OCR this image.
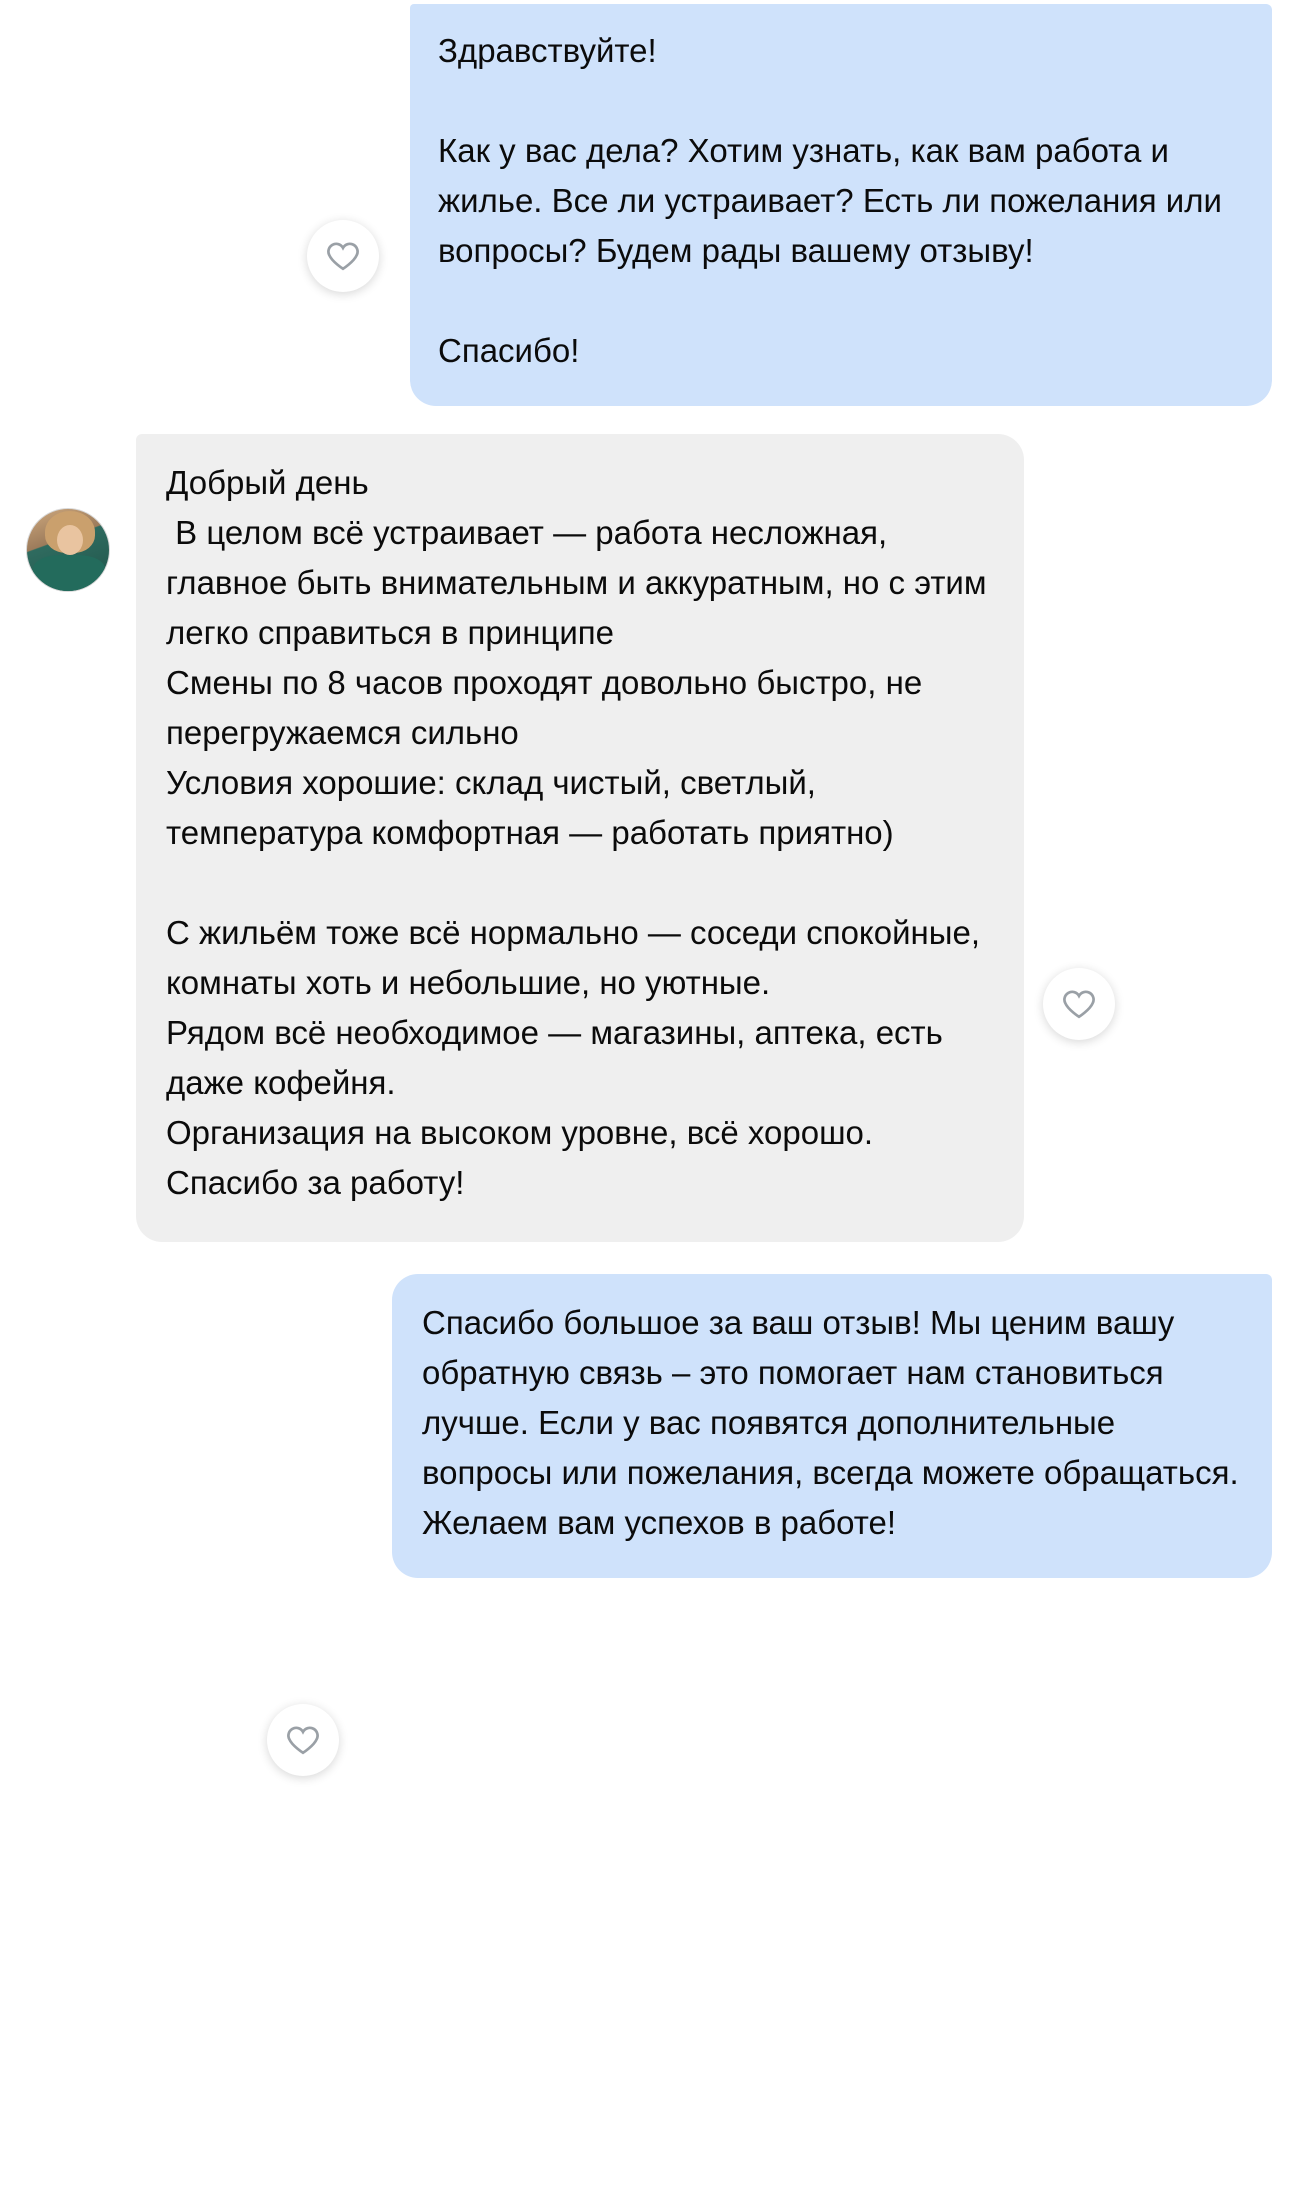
Здравствуйте!

Как у вас дела? Хотим узнать, как вам работа и жилье. Все ли устраивает? Есть ли пожелания или вопросы? Будем рады вашему отзыву!

Спасибо!
Добрый день
В целом всё устраивает — работа несложная, главное быть внимательным и аккуратным, но с этим легко справиться в принципе
Смены по 8 часов проходят довольно быстро, не перегружаемся сильно
Условия хорошие: склад чистый, светлый, температура комфортная — работать приятно)

С жильём тоже всё нормально — соседи спокойные, комнаты хоть и небольшие, но уютные.
Рядом всё необходимое — магазины, аптека, есть даже кофейня.
Организация на высоком уровне, всё хорошо. Спасибо за работу!
Спасибо большое за ваш отзыв! Мы ценим вашу обратную связь – это помогает нам становиться лучше. Если у вас появятся дополнительные вопросы или пожелания, всегда можете обращаться. Желаем вам успехов в работе!
